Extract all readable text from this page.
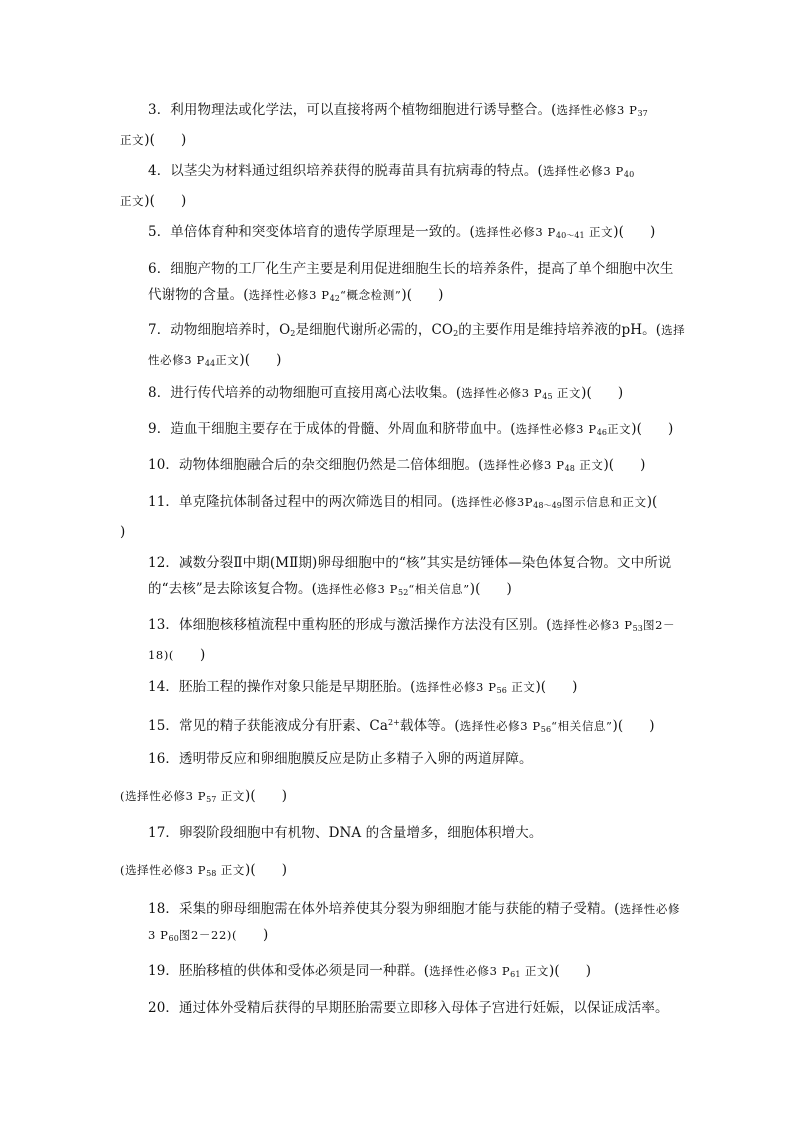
3．利用物理法或化学法，可以直接将两个植物细胞进行诱导整合。(选择性必修3 $P_{37}$
正文)( )
4．以茎尖为材料通过组织培养获得的脱毒苗具有抗病毒的特点。(选择性必修3 $P_{40}$
正文)( )
5．单倍体育种和突变体培育的遗传学原理是一致的。(选择性必修3 $P_{40\sim 41}$ 正文)( )
6．细胞产物的工厂化生产主要是利用促进细胞生长的培养条件，提高了单个细胞中次生代谢物的含量。(选择性必修3 $P_{42}“$概念检测”)( )
7．动物细胞培养时，$O_2$是细胞代谢所必需的，$CO_2$的主要作用是维持培养液的pH。(选择性必修3 $P_{44}$正文)( )
8．进行传代培养的动物细胞可直接用离心法收集。(选择性必修3 $P_{45}$ 正文)( )
9．造血干细胞主要存在于成体的骨髓、外周血和脐带血中。(选择性必修3 $P_{46}$正文)( )
10．动物体细胞融合后的杂交细胞仍然是二倍体细胞。(选择性必修3 $P_{48}$ 正文)( )
11．单克隆抗体制备过程中的两次筛选目的相同。(选择性必修$3P_{48\sim 49}$图示信息和正文)(
)
12．减数分裂Ⅱ中期(MⅡ期)卵母细胞中的“核”其实是纺锤体—染色体复合物。文中所说的“去核”是去除该复合物。(选择性必修3 $P_{52}“$相关信息”)( )
13．体细胞核移植流程中重构胚的形成与激活操作方法没有区别。(选择性必修3 $P_{53}$图2－18)( )
14．胚胎工程的操作对象只能是早期胚胎。(选择性必修3 $P_{56}$ 正文)( )
15．常见的精子获能液成分有肝素、$Ca^{2+}$载体等。(选择性必修3 $P_{56}“$相关信息”)( )
16．透明带反应和卵细胞膜反应是防止多精子入卵的两道屏障。
(选择性必修3 $P_{57}$ 正文)( )
17．卵裂阶段细胞中有机物、DNA 的含量增多，细胞体积增大。
(选择性必修3 $P_{58}$ 正文)( )
18．采集的卵母细胞需在体外培养使其分裂为卵细胞才能与获能的精子受精。(选择性必修3 $P_{60}$图2－22)( )
19．胚胎移植的供体和受体必须是同一种群。(选择性必修3 $P_{61}$ 正文)( )
20．通过体外受精后获得的早期胚胎需要立即移入母体子宫进行妊娠，以保证成活率。
